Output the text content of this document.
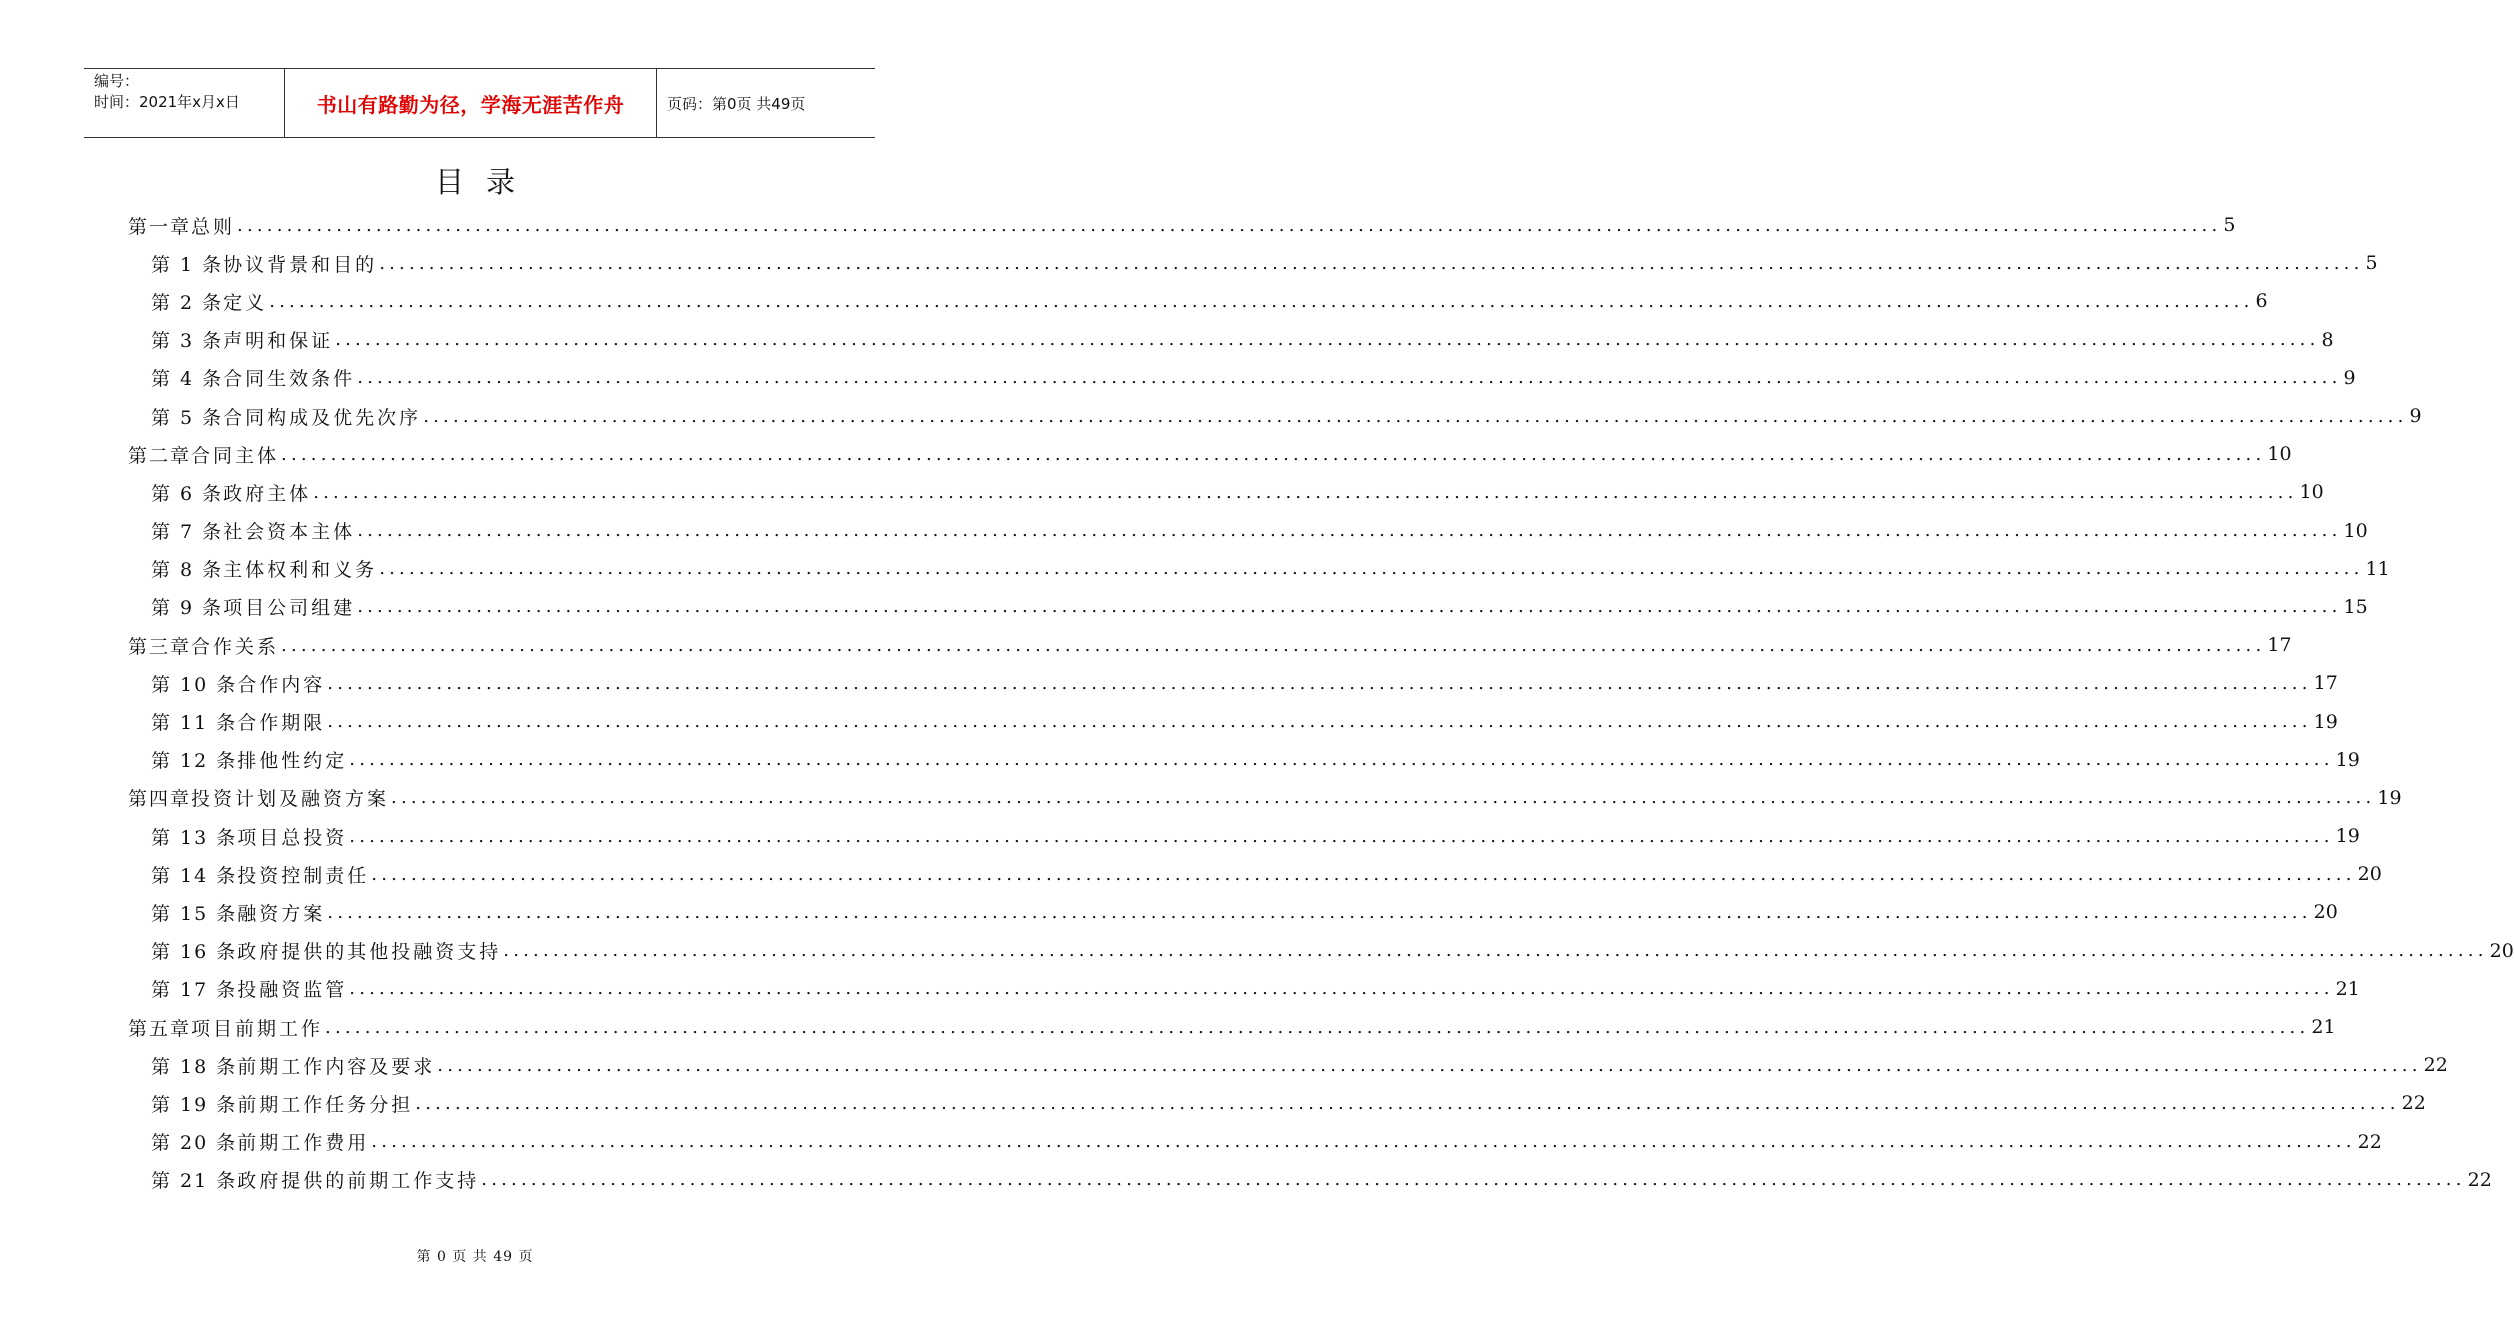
编号：
时间：2021年x月x日	书山有路勤为径，学海无涯苦作舟	页码：第0页 共49页
目录
第一章 总则 ........................................................................................................................................................................................................ 5
第 1 条 协议背景和目的 ........................................................................................................................................................................................................ 5
第 2 条 定义 ........................................................................................................................................................................................................ 6
第 3 条 声明和保证 ........................................................................................................................................................................................................ 8
第 4 条 合同生效条件 ........................................................................................................................................................................................................ 9
第 5 条 合同构成及优先次序 ........................................................................................................................................................................................................ 9
第二章 合同主体 ........................................................................................................................................................................................................ 10
第 6 条 政府主体 ........................................................................................................................................................................................................ 10
第 7 条 社会资本主体 ........................................................................................................................................................................................................ 10
第 8 条 主体权利和义务 ........................................................................................................................................................................................................ 11
第 9 条 项目公司组建 ........................................................................................................................................................................................................ 15
第三章 合作关系 ........................................................................................................................................................................................................ 17
第 10 条 合作内容 ........................................................................................................................................................................................................ 17
第 11 条 合作期限 ........................................................................................................................................................................................................ 19
第 12 条 排他性约定 ........................................................................................................................................................................................................ 19
第四章 投资计划及融资方案 ........................................................................................................................................................................................................ 19
第 13 条 项目总投资 ........................................................................................................................................................................................................ 19
第 14 条 投资控制责任 ........................................................................................................................................................................................................ 20
第 15 条 融资方案 ........................................................................................................................................................................................................ 20
第 16 条 政府提供的其他投融资支持 ........................................................................................................................................................................................................ 20
第 17 条 投融资监管 ........................................................................................................................................................................................................ 21
第五章 项目前期工作 ........................................................................................................................................................................................................ 21
第 18 条 前期工作内容及要求 ........................................................................................................................................................................................................ 22
第 19 条 前期工作任务分担 ........................................................................................................................................................................................................ 22
第 20 条 前期工作费用 ........................................................................................................................................................................................................ 22
第 21 条 政府提供的前期工作支持 ........................................................................................................................................................................................................ 22
第 0 页 共 49 页
